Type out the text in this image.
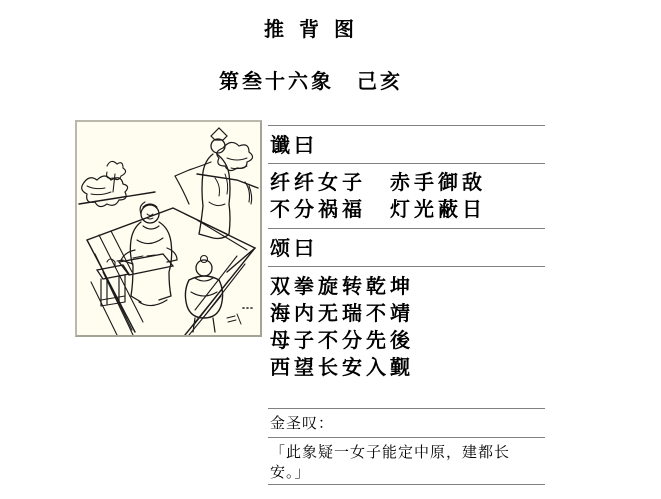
推 背 图
第叁十六象　己亥
谶曰
纤纤女子　赤手御敌
不分祸福　灯光蔽日
颂曰
双拳旋转乾坤
海内无瑞不靖
母子不分先後
西望长安入觐
金圣叹：
「此象疑一女子能定中原，建都长安。」
